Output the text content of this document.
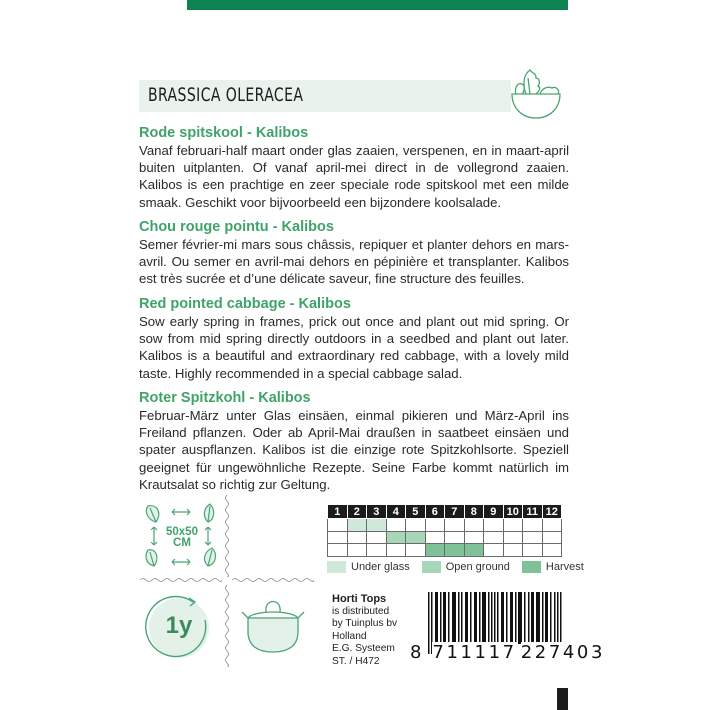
BRASSICA OLERACEA
Rode spitskool - Kalibos
Vanaf februari-half maart onder glas zaaien, verspenen, en in maart-april buiten uitplanten. Of vanaf april-mei direct in de vollegrond zaaien. Kalibos is een prachtige en zeer speciale rode spitskool met een milde smaak. Geschikt voor bijvoorbeeld een bijzondere koolsalade.
Chou rouge pointu - Kalibos
Semer février-mi mars sous châssis, repiquer et planter dehors en mars-avril. Ou semer en avril-mai dehors en pépinière et transplanter. Kalibos est très sucrée et d’une délicate saveur, fine structure des feuilles.
Red pointed cabbage - Kalibos
Sow early spring in frames, prick out once and plant out mid spring. Or sow from mid spring directly outdoors in a seedbed and plant out later. Kalibos is a beautiful and extraordinary red cabbage, with a lovely mild taste. Highly recommended in a special cabbage salad.
Roter Spitzkohl - Kalibos
Februar-März unter Glas einsäen, einmal pikieren und März-April ins Freiland pflanzen. Oder ab April-Mai draußen in saatbeet einsäen und spater auspflanzen. Kalibos ist die einzige rote Spitzkohlsorte. Speziell geeignet für ungewöhnliche Rezepte. Seine Farbe kommt natürlich im Krautsalat so richtig zur Geltung.
50x50
CM
1y
1	2	3	4	5	6	7	8	9	10	11	12

Under glass	Open ground	Harvest
Horti Tops
is distributed
by Tuinplus bv
Holland
E.G. Systeem
ST. / H472	8 711117 227403
